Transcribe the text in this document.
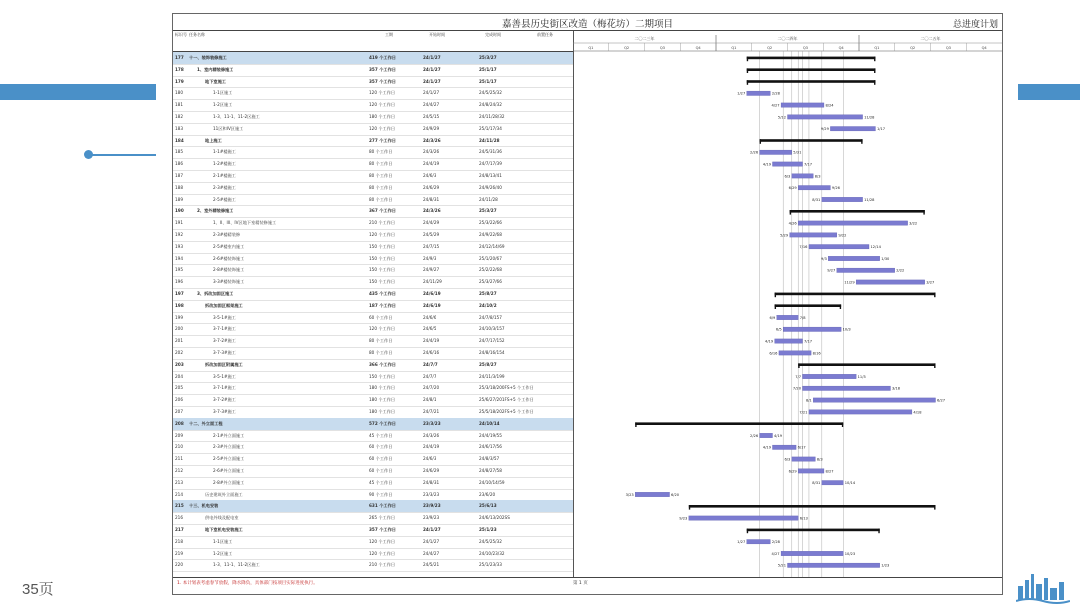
35页
嘉善县历史街区改造（梅花坊）二期项目	总进度计划
标识号 任务名称	工期	开始时间	完成时间	前置任务
177 十一、装饰装修施工	419 个工作日	24/1/27	25/3/27
178	1、室内精装修施工	357 个工作日	24/1/27	25/1/17
179	地下室施工	357 个工作日	24/1/27	25/1/17
180	1-1区施工	120 个工作日	24/1/27	24/5/25/32
181	1-2区施工	120 个工作日	24/4/27	24/8/24/32
182	1-3、11-1、11-2区施工	180 个工作日	24/5/15	24/11/28/32
183	11区和IV区施工	120 个工作日	24/9/29	25/1/17/34
184	地上施工	277 个工作日	24/3/26	24/11/28
185	1-1#楼施工	80 个工作日	24/3/26	24/5/31/36
186	1-2#楼施工	80 个工作日	24/4/19	24/7/17/39
187	2-1#楼施工	80 个工作日	24/6/3	24/8/13/41
188	2-3#楼施工	80 个工作日	24/6/29	24/9/26/40
189	2-5#楼施工	80 个工作日	24/8/31	24/11/28
190	2、室外精装修施工	367 个工作日	24/3/26	25/3/27
191	1、II、III、IV区地下室精装修施工	210 个工作日	24/4/29	25/3/22/66
192	2-3#楼精装修	120 个工作日	24/5/29	24/9/22/68
193	2-5#楼室内施工	150 个工作日	24/7/15	24/12/14/69
194	2-6#楼装饰施工	150 个工作日	24/9/3	25/1/20/67
195	2-8#楼装饰施工	150 个工作日	24/9/27	25/2/22/68
196	3-3#楼装饰施工	150 个工作日	24/11/29	25/3/27/66
197	3、拆改加固区施工	435 个工作日	24/6/19	25/8/27
198	拆改加固区框架施工	187 个工作日	24/6/19	24/10/2
199	3-5-1#施工	60 个工作日	24/6/6	24/7/8/157
200	3-7-1#施工	120 个工作日	24/6/5	24/10/3/157
201	3-7-2#施工	80 个工作日	24/4/19	24/7/17/152
202	3-7-3#施工	80 个工作日	24/6/16	24/8/16/154
203	拆改加固区附属施工	366 个工作日	24/7/7	25/8/27
204	3-5-1#施工	150 个工作日	24/7/7	24/11/3/199
205	3-7-1#施工	180 个工作日	24/7/20	25/3/18/200FS+5 个工作日
206	3-7-2#施工	180 个工作日	24/8/1	25/6/27/201FS+5 个工作日
207	3-7-3#施工	180 个工作日	24/7/21	25/5/18/202FS+5 个工作日
208 十二、外立面工程	572 个工作日	23/3/23	24/10/14
209	2-1#外立面施工	45 个工作日	24/3/26	24/4/19/55
210	2-3#外立面施工	60 个工作日	24/4/19	24/6/17/56
211	2-5#外立面施工	60 个工作日	24/6/3	24/8/3/57
212	2-6#外立面施工	60 个工作日	24/6/29	24/8/27/58
213	2-8#外立面施工	45 个工作日	24/8/31	24/10/14/59
214	历史建筑外立面施工	90 个工作日	23/3/23	23/6/20
215 十三、机电安装	631 个工作日	23/9/23	25/6/13
216	供电外线及配电室	265 个工作日	23/9/23	24/6/13/202SS
217	地下室机电安装施工	357 个工作日	24/1/27	25/1/23
218	1-1区施工	120 个工作日	24/1/27	24/5/25/32
219	1-2区施工	120 个工作日	24/4/27	24/10/23/32
220	1-3、11-1、11-2区施工	210 个工作日	24/5/21	25/1/23/33
二〇二三年	二〇二四年	二〇二五年
Q1	Q2	Q3	Q4	Q1	Q2	Q3	Q4	Q1	Q2	Q3	Q4
1/27	2/28
4/27	8/24
5/12	11/28
9/29	1/17
2/26	5/31
4/19	7/17
6/3	8/3
6/29	9/26
8/31	11/28
4/26	3/22
5/29	9/22
7/16	12/14
9/3	1/30
9/27	2/22
11/29	3/27
6/9	7/8
6/5	10/3
4/19	7/17
6/16	8/16
7/7	11/3
7/20	3/18
8/1	6/27
7/21	4/18
2/26	4/19
4/19	6/17
6/3	8/3
6/29	8/27
8/31	10/14
3/23	6/20
9/23	6/13
1/27	2/28
4/27	10/23
5/21	1/23
1. 本计划表考虑春节放假，降水降负，具体部门按项目实际进度执行。	第 1 页
